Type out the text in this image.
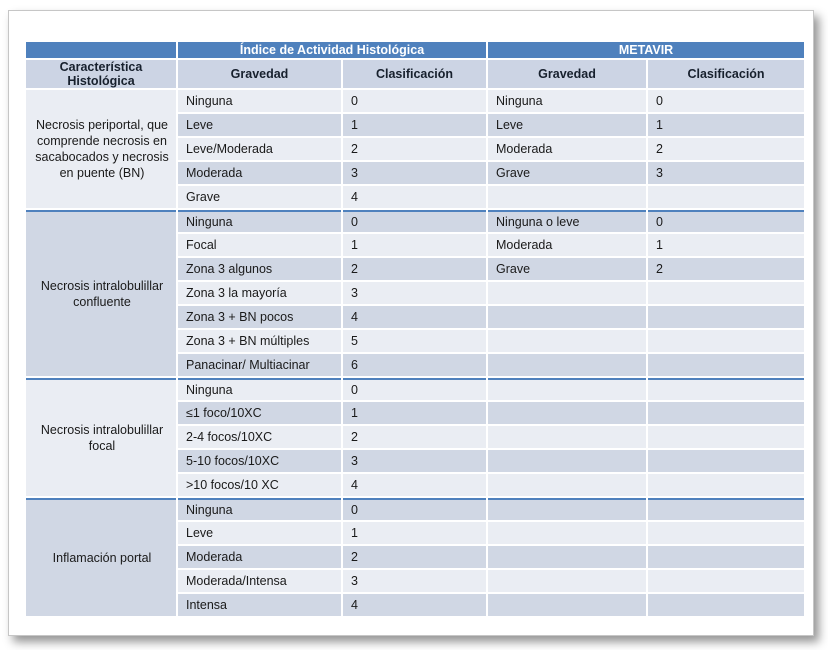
	Índice de Actividad Histológica		METAVIR	
Característica Histológica	Gravedad	Clasificación	Gravedad	Clasificación
Necrosis periportal, que comprende necrosis en sacabocados y necrosis en puente (BN)	Ninguna	0	Ninguna	0
	Leve	1	Leve	1
	Leve/Moderada	2	Moderada	2
	Moderada	3	Grave	3
	Grave	4		
Necrosis intralobulillar confluente	Ninguna	0	Ninguna o leve	0
	Focal	1	Moderada	1
	Zona 3 algunos	2	Grave	2
	Zona 3 la mayoría	3		
	Zona 3 + BN pocos	4		
	Zona 3 + BN múltiples	5		
	Panacinar/ Multiacinar	6		
Necrosis intralobulillar focal	Ninguna	0		
	≤1 foco/10XC	1		
	2-4 focos/10XC	2		
	5-10 focos/10XC	3		
	>10 focos/10 XC	4		
Inflamación portal	Ninguna	0		
	Leve	1		
	Moderada	2		
	Moderada/Intensa	3		
	Intensa	4		
